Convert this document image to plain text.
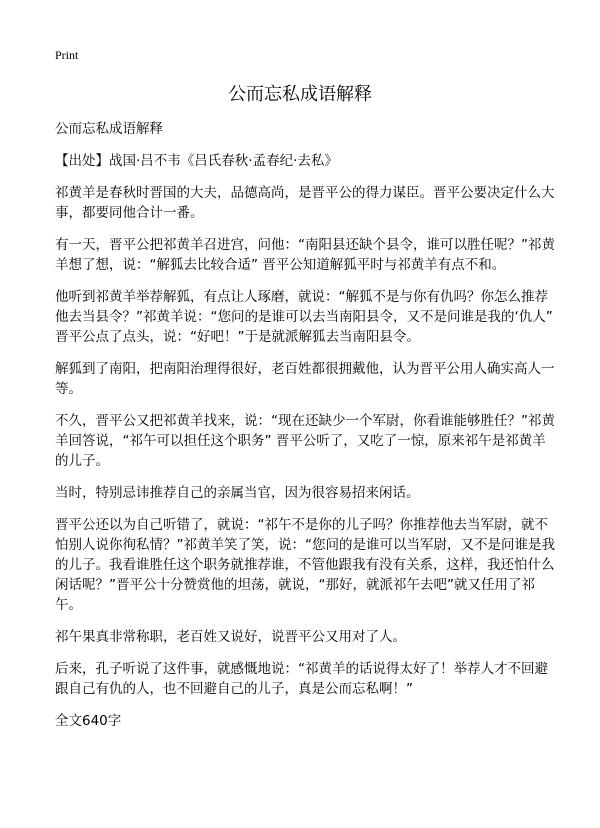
Print
公而忘私成语解释

公而忘私成语解释

【出处】战国·吕不韦《吕氏春秋·孟春纪·去私》

祁黄羊是春秋时晋国的大夫，品德高尚，是晋平公的得力谋臣。晋平公要决定什么大事，都要同他合计一番。

有一天，晋平公把祁黄羊召进宫，问他：“南阳县还缺个县令，谁可以胜任呢？”祁黄羊想了想，说：“解狐去比较合适” 晋平公知道解狐平时与祁黄羊有点不和。

他听到祁黄羊举荐解狐，有点让人琢磨，就说：“解狐不是与你有仇吗？你怎么推荐他去当县令？”祁黄羊说：“您问的是谁可以去当南阳县令，又不是问谁是我的‘仇人” 晋平公点了点头，说：“好吧！”于是就派解狐去当南阳县令。

解狐到了南阳，把南阳治理得很好，老百姓都很拥戴他，认为晋平公用人确实高人一等。

不久，晋平公又把祁黄羊找来，说：“现在还缺少一个军尉，你看谁能够胜任？”祁黄羊回答说，“祁午可以担任这个职务” 晋平公听了，又吃了一惊，原来祁午是祁黄羊的儿子。

当时，特别忌讳推荐自己的亲属当官，因为很容易招来闲话。

晋平公还以为自己听错了，就说：“祁午不是你的儿子吗？你推荐他去当军尉，就不怕别人说你徇私情？”祁黄羊笑了笑，说：“您问的是谁可以当军尉，又不是问谁是我的儿子。我看谁胜任这个职务就推荐谁，不管他跟我有没有关系，这样，我还怕什么闲话呢？”晋平公十分赞赏他的坦荡，就说，“那好，就派祁午去吧”就又任用了祁午。

祁午果真非常称职，老百姓又说好，说晋平公又用对了人。

后来，孔子听说了这件事，就感慨地说：“祁黄羊的话说得太好了！举荐人才不回避跟自己有仇的人，也不回避自己的儿子，真是公而忘私啊！”

全文640字
